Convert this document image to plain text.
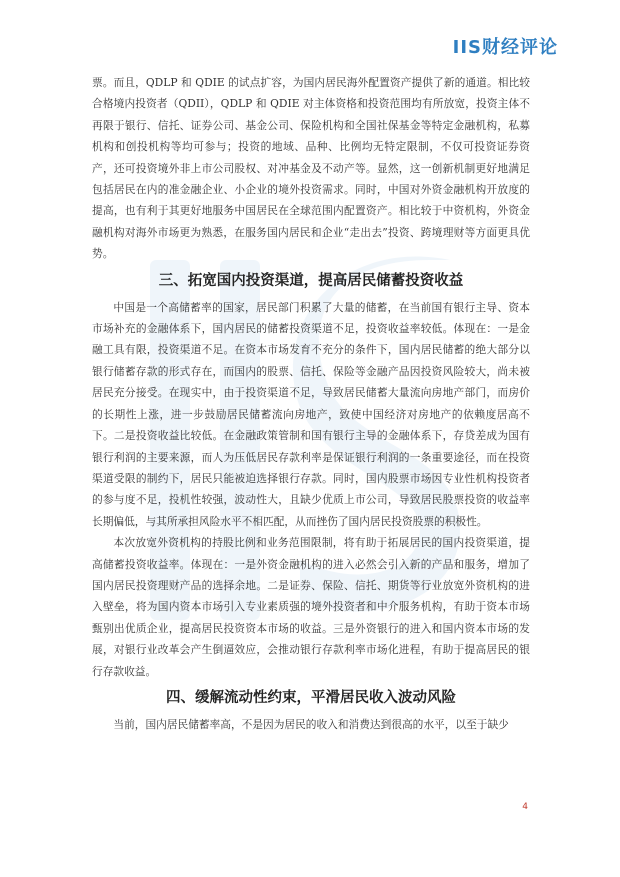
IIS财经评论

票。而且，QDLP 和 QDIE 的试点扩容，为国内居民海外配置资产提供了新的通道。相比较合格境内投资者（QDII），QDLP 和 QDIE 对主体资格和投资范围均有所放宽，投资主体不再限于银行、信托、证券公司、基金公司、保险机构和全国社保基金等特定金融机构，私募机构和创投机构等均可参与；投资的地域、品种、比例均无特定限制，不仅可投资证券资产，还可投资境外非上市公司股权、对冲基金及不动产等。显然，这一创新机制更好地满足包括居民在内的准金融企业、小企业的境外投资需求。同时，中国对外资金融机构开放度的提高，也有利于其更好地服务中国居民在全球范围内配置资产。相比较于中资机构，外资金融机构对海外市场更为熟悉，在服务国内居民和企业“走出去”投资、跨境理财等方面更具优势。

三、拓宽国内投资渠道，提高居民储蓄投资收益

中国是一个高储蓄率的国家，居民部门积累了大量的储蓄，在当前国有银行主导、资本市场补充的金融体系下，国内居民的储蓄投资渠道不足，投资收益率较低。体现在：一是金融工具有限，投资渠道不足。在资本市场发育不充分的条件下，国内居民储蓄的绝大部分以银行储蓄存款的形式存在，而国内的股票、信托、保险等金融产品因投资风险较大，尚未被居民充分接受。在现实中，由于投资渠道不足，导致居民储蓄大量流向房地产部门，而房价的长期性上涨，进一步鼓励居民储蓄流向房地产，致使中国经济对房地产的依赖度居高不下。二是投资收益比较低。在金融政策管制和国有银行主导的金融体系下，存贷差成为国有银行利润的主要来源，而人为压低居民存款利率是保证银行利润的一条重要途径，而在投资渠道受限的制约下，居民只能被迫选择银行存款。同时，国内股票市场因专业性机构投资者的参与度不足，投机性较强，波动性大，且缺少优质上市公司，导致居民股票投资的收益率长期偏低，与其所承担风险水平不相匹配，从而挫伤了国内居民投资股票的积极性。

本次放宽外资机构的持股比例和业务范围限制，将有助于拓展居民的国内投资渠道，提高储蓄投资收益率。体现在：一是外资金融机构的进入必然会引入新的产品和服务，增加了国内居民投资理财产品的选择余地。二是证券、保险、信托、期货等行业放宽外资机构的进入壁垒，将为国内资本市场引入专业素质强的境外投资者和中介服务机构，有助于资本市场甄别出优质企业，提高居民投资资本市场的收益。三是外资银行的进入和国内资本市场的发展，对银行业改革会产生倒逼效应，会推动银行存款利率市场化进程，有助于提高居民的银行存款收益。

四、缓解流动性约束，平滑居民收入波动风险

当前，国内居民储蓄率高，不是因为居民的收入和消费达到很高的水平，以至于缺少

4
